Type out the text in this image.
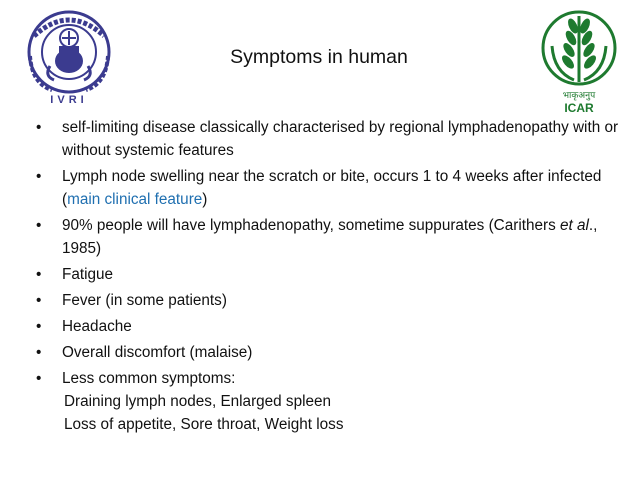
IVRI	भाकृअनुप
ICAR
Symptoms in human
•	self-limiting disease classically characterised by regional lymphadenopathy with or without systemic features
•	Lymph node swelling near the scratch or bite, occurs 1 to 4 weeks after infected (main clinical feature)
•	90% people will have lymphadenopathy, sometime suppurates (Carithers et al., 1985)
•	Fatigue
•	Fever (in some patients)
•	Headache
•	Overall discomfort (malaise)
•	Less common symptoms:
Draining lymph nodes, Enlarged spleen
Loss of appetite, Sore throat, Weight loss
